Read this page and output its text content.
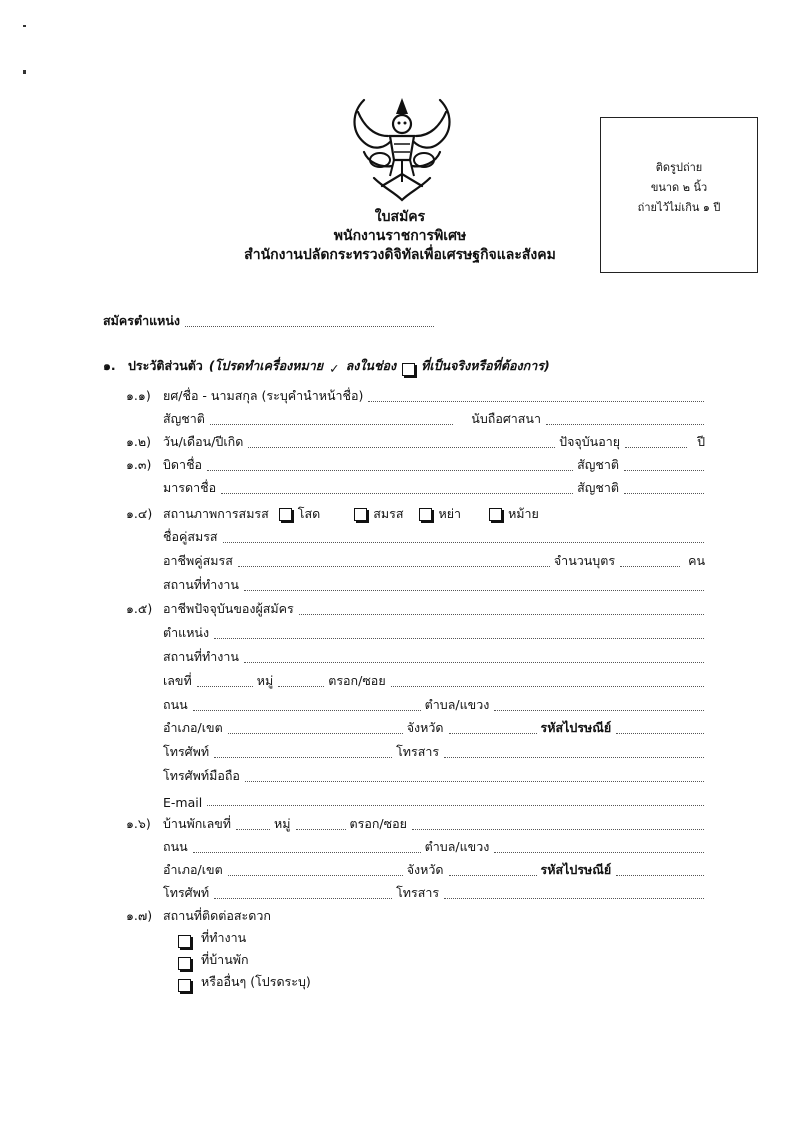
ใบสมัคร
พนักงานราชการพิเศษ
สำนักงานปลัดกระทรวงดิจิทัลเพื่อเศรษฐกิจและสังคม
ติดรูปถ่าย
ขนาด ๒ นิ้ว
ถ่ายไว้ไม่เกิน ๑ ปี
สมัครตำแหน่ง
๑. ประวัติส่วนตัว (โปรดทำเครื่องหมาย ✓ ลงในช่อง	ที่เป็นจริงหรือที่ต้องการ)
๑.๑) ยศ/ชื่อ - นามสกุล (ระบุคำนำหน้าชื่อ)
สัญชาติ	นับถือศาสนา
๑.๒) วัน/เดือน/ปีเกิด	ปัจจุบันอายุ	ปี
๑.๓) บิดาชื่อ	สัญชาติ
มารดาชื่อ	สัญชาติ
๑.๔) สถานภาพการสมรส	โสด	สมรส	หย่า	หม้าย
ชื่อคู่สมรส
อาชีพคู่สมรส	จำนวนบุตร	คน
สถานที่ทำงาน
๑.๕) อาชีพปัจจุบันของผู้สมัคร
ตำแหน่ง
สถานที่ทำงาน
เลขที่	หมู่	ตรอก/ซอย
ถนน	ตำบล/แขวง
อำเภอ/เขต	จังหวัด	รหัสไปรษณีย์
โทรศัพท์	โทรสาร
โทรศัพท์มือถือ
E-mail
๑.๖) บ้านพักเลขที่	หมู่	ตรอก/ซอย
ถนน	ตำบล/แขวง
อำเภอ/เขต	จังหวัด	รหัสไปรษณีย์
โทรศัพท์	โทรสาร
๑.๗) สถานที่ติดต่อสะดวก
ที่ทำงาน
ที่บ้านพัก
หรืออื่นๆ (โปรดระบุ)
